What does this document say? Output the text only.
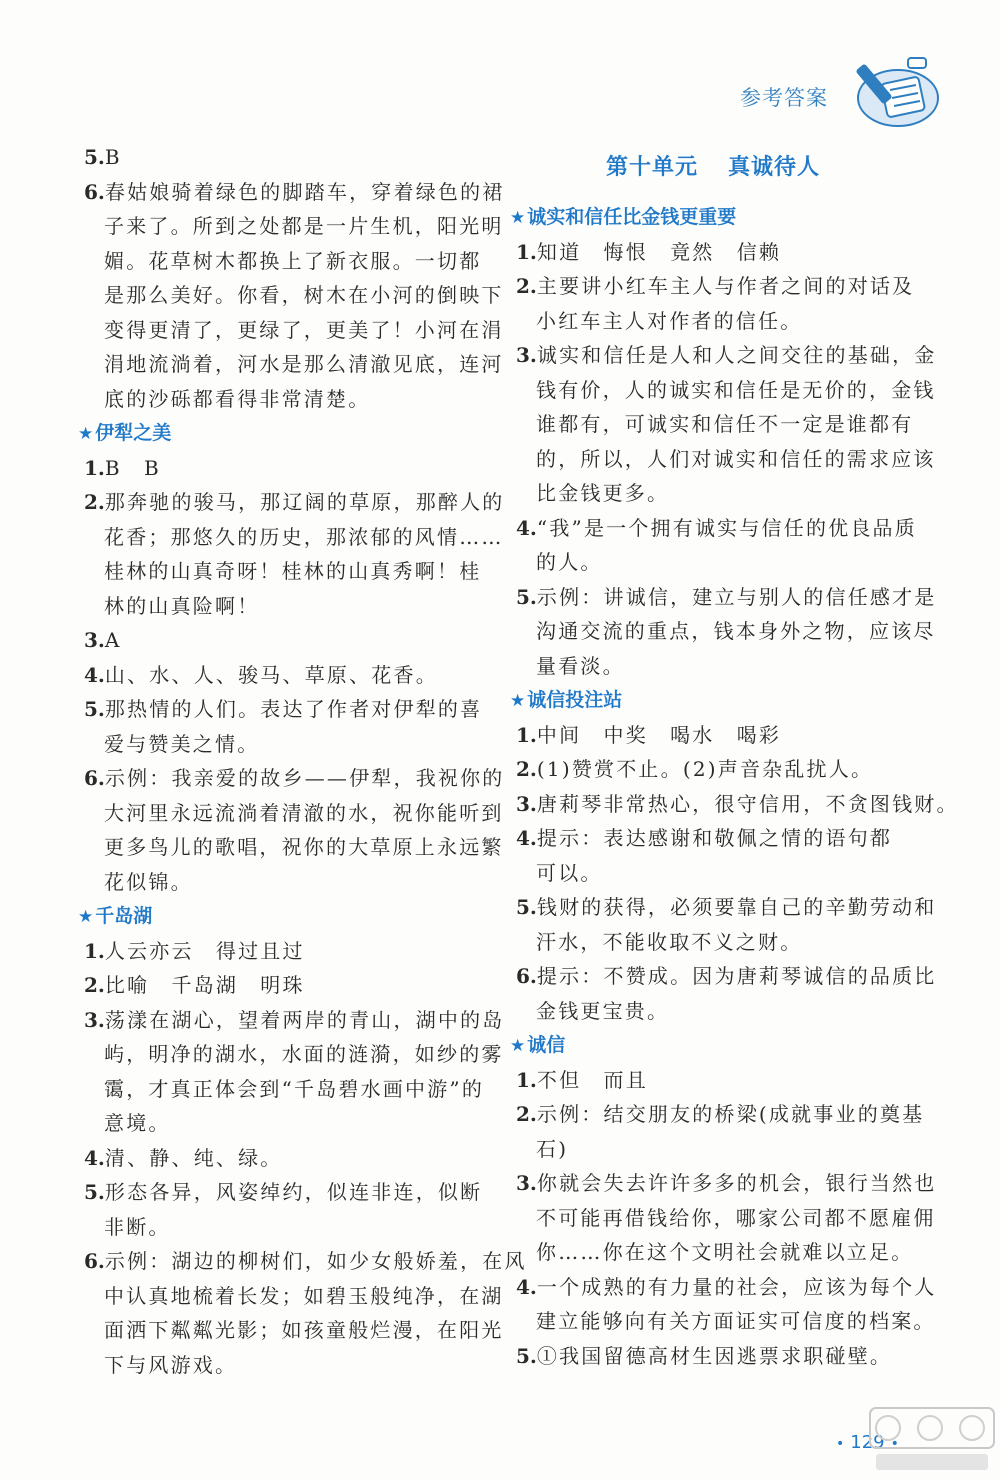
参考答案
5.B
6.春姑娘骑着绿色的脚踏车，穿着绿色的裙
子来了。所到之处都是一片生机，阳光明
媚。花草树木都换上了新衣服。一切都
是那么美好。你看，树木在小河的倒映下
变得更清了，更绿了，更美了！小河在涓
涓地流淌着，河水是那么清澈见底，连河
底的沙砾都看得非常清楚。
★ 伊犁之美
1.B　B
2.那奔驰的骏马，那辽阔的草原，那醉人的
花香；那悠久的历史，那浓郁的风情……
桂林的山真奇呀！桂林的山真秀啊！桂
林的山真险啊！
3.A
4.山、水、人、骏马、草原、花香。
5.那热情的人们。表达了作者对伊犁的喜
爱与赞美之情。
6.示例：我亲爱的故乡——伊犁，我祝你的
大河里永远流淌着清澈的水，祝你能听到
更多鸟儿的歌唱，祝你的大草原上永远繁
花似锦。
★ 千岛湖
1.人云亦云　得过且过
2.比喻　千岛湖　明珠
3.荡漾在湖心，望着两岸的青山，湖中的岛
屿，明净的湖水，水面的涟漪，如纱的雾
霭，才真正体会到“千岛碧水画中游”的
意境。
4.清、静、纯、绿。
5.形态各异，风姿绰约，似连非连，似断
非断。
6.示例：湖边的柳树们，如少女般娇羞，在风
中认真地梳着长发；如碧玉般纯净，在湖
面洒下粼粼光影；如孩童般烂漫，在阳光
下与风游戏。
第十单元 真诚待人
★ 诚实和信任比金钱更重要
1.知道　悔恨　竟然　信赖
2.主要讲小红车主人与作者之间的对话及
小红车主人对作者的信任。
3.诚实和信任是人和人之间交往的基础，金
钱有价，人的诚实和信任是无价的，金钱
谁都有，可诚实和信任不一定是谁都有
的，所以，人们对诚实和信任的需求应该
比金钱更多。
4.“我”是一个拥有诚实与信任的优良品质
的人。
5.示例：讲诚信，建立与别人的信任感才是
沟通交流的重点，钱本身外之物，应该尽
量看淡。
★ 诚信投注站
1.中间　中奖　喝水　喝彩
2.(1)赞赏不止。(2)声音杂乱扰人。
3.唐莉琴非常热心，很守信用，不贪图钱财。
4.提示：表达感谢和敬佩之情的语句都
可以。
5.钱财的获得，必须要靠自己的辛勤劳动和
汗水，不能收取不义之财。
6.提示：不赞成。因为唐莉琴诚信的品质比
金钱更宝贵。
★ 诚信
1.不但　而且
2.示例：结交朋友的桥梁(成就事业的奠基
石)
3.你就会失去许许多多的机会，银行当然也
不可能再借钱给你，哪家公司都不愿雇佣
你……你在这个文明社会就难以立足。
4.一个成熟的有力量的社会，应该为每个人
建立能够向有关方面证实可信度的档案。
5.①我国留德高材生因逃票求职碰壁。
• 129 •
